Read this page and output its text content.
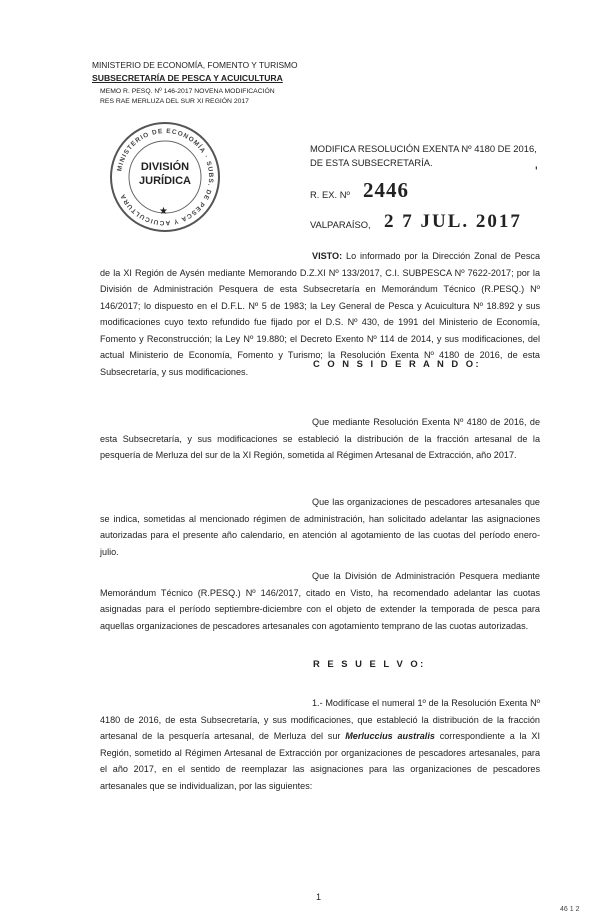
MINISTERIO DE ECONOMÍA, FOMENTO Y TURISMO
SUBSECRETARÍA DE PESCA Y ACUICULTURA
MEMO R. PESQ. Nº 146-2017 NOVENA MODIFICACIÓN
RES RAE MERLUZA DEL SUR XI REGIÓN 2017
MINISTERIO DE ECONOMÍA · SUBS. DE PESCA Y ACUICULTURA
DIVISIÓN
JURÍDICA
★
MODIFICA RESOLUCIÓN EXENTA Nº 4180 DE 2016,
DE ESTA SUBSECRETARÍA.
'
R. EX. Nº 2446
VALPARAÍSO, 2 7 JUL. 2017
VISTO: Lo informado por la Dirección Zonal de Pesca de la XI Región de Aysén mediante Memorando D.Z.XI Nº 133/2017, C.I. SUBPESCA Nº 7622-2017; por la División de Administración Pesquera de esta Subsecretaría en Memorándum Técnico (R.PESQ.) Nº 146/2017; lo dispuesto en el D.F.L. Nº 5 de 1983; la Ley General de Pesca y Acuicultura Nº 18.892 y sus modificaciones cuyo texto refundido fue fijado por el D.S. Nº 430, de 1991 del Ministerio de Economía, Fomento y Reconstrucción; la Ley Nº 19.880; el Decreto Exento Nº 114 de 2014, y sus modificaciones, del actual Ministerio de Economía, Fomento y Turismo; la Resolución Exenta Nº 4180 de 2016, de esta Subsecretaría, y sus modificaciones.
C O N S I D E R A N D O:
Que mediante Resolución Exenta Nº 4180 de 2016, de esta Subsecretaría, y sus modificaciones se estableció la distribución de la fracción artesanal de la pesquería de Merluza del sur de la XI Región, sometida al Régimen Artesanal de Extracción, año 2017.
Que las organizaciones de pescadores artesanales que se indica, sometidas al mencionado régimen de administración, han solicitado adelantar las asignaciones autorizadas para el presente año calendario, en atención al agotamiento de las cuotas del período enero-julio.
Que la División de Administración Pesquera mediante Memorándum Técnico (R.PESQ.) Nº 146/2017, citado en Visto, ha recomendado adelantar las cuotas asignadas para el período septiembre-diciembre con el objeto de extender la temporada de pesca para aquellas organizaciones de pescadores artesanales con agotamiento temprano de las cuotas autorizadas.
R E S U E L V O:
1.- Modifícase el numeral 1º de la Resolución Exenta Nº 4180 de 2016, de esta Subsecretaría, y sus modificaciones, que estableció la distribución de la fracción artesanal de la pesquería artesanal, de Merluza del sur Merluccius australis correspondiente a la XI Región, sometido al Régimen Artesanal de Extracción por organizaciones de pescadores artesanales, para el año 2017, en el sentido de reemplazar las asignaciones para las organizaciones de pescadores artesanales que se individualizan, por las siguientes:
1
46 1 2
